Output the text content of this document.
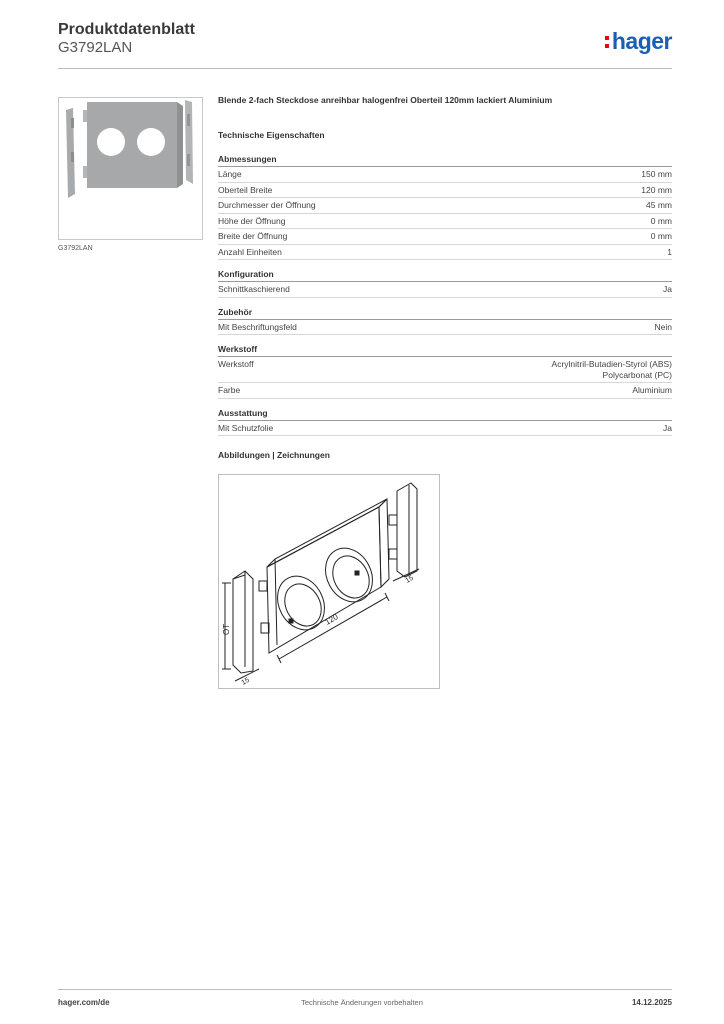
Produktdatenblatt
G3792LAN	hager
G3792LAN
Blende 2-fach Steckdose anreihbar halogenfrei Oberteil 120mm lackiert Aluminium
Technische Eigenschaften
Abmessungen
Länge	150 mm
Oberteil Breite	120 mm
Durchmesser der Öffnung	45 mm
Höhe der Öffnung	0 mm
Breite der Öffnung	0 mm
Anzahl Einheiten	1
Konfiguration
Schnittkaschierend	Ja
Zubehör
Mit Beschriftungsfeld	Nein
Werkstoff
Werkstoff	Acrylnitril-Butadien-Styrol (ABS)
Polycarbonat (PC)
Farbe	Aluminium
Ausstattung
Mit Schutzfolie	Ja
Abbildungen | Zeichnungen
OT
120
15
15
hager.com/de	Technische Änderungen vorbehalten	14.12.2025
